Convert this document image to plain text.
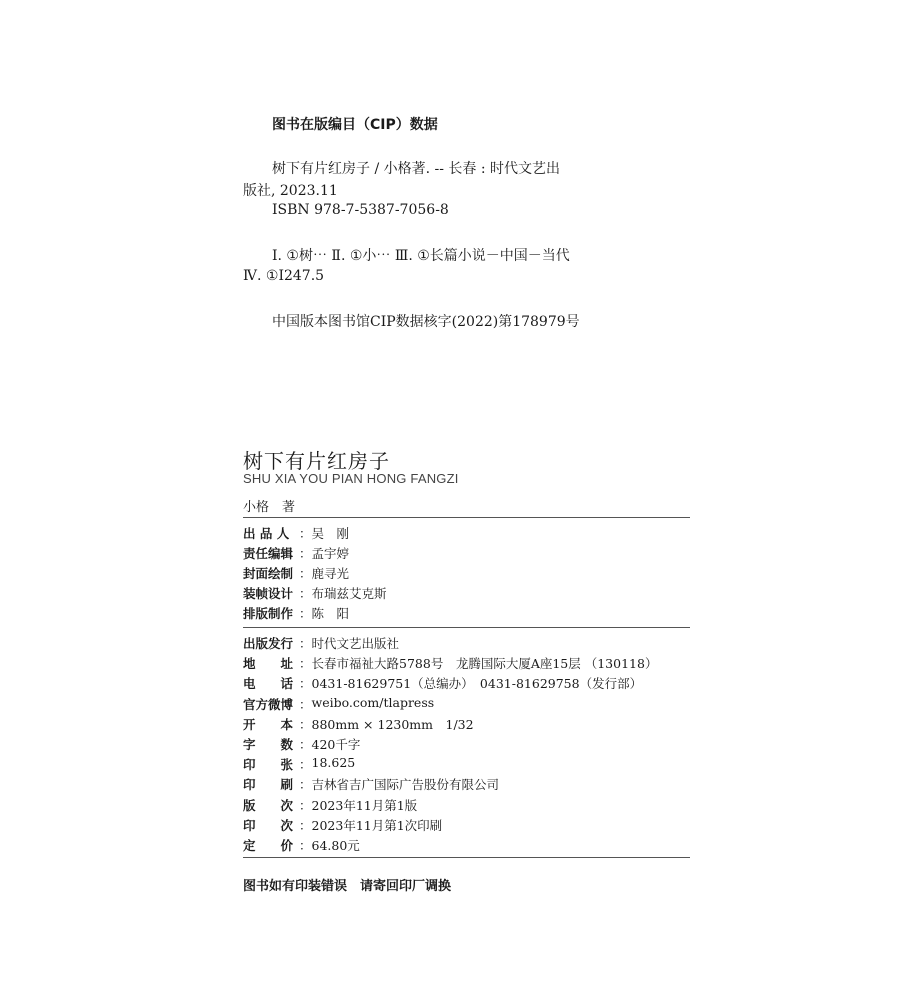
图书在版编目（CIP）数据
树下有片红房子 / 小格著. -- 长春 : 时代文艺出
版社, 2023.11
ISBN 978-7-5387-7056-8
Ⅰ. ①树⋯ Ⅱ. ①小⋯ Ⅲ. ①长篇小说－中国－当代
Ⅳ. ①I247.5
中国版本图书馆CIP数据核字(2022)第178979号
树下有片红房子
SHU XIA YOU PIAN HONG FANGZI
小格　著
出 品 人 ： 吴　刚
责任编辑 ： 孟宇婷
封面绘制 ： 鹿寻光
装帧设计 ： 布瑞兹艾克斯
排版制作 ： 陈　阳
出版发行 ： 时代文艺出版社
地　　址 ： 长春市福祉大路5788号　龙腾国际大厦A座15层 （130118）
电　　话 ： 0431-81629751（总编办）　0431-81629758（发行部）
官方微博 ： weibo.com/tlapress
开　　本 ： 880mm × 1230mm　1/32
字　　数 ： 420千字
印　　张 ： 18.625
印　　刷 ： 吉林省吉广国际广告股份有限公司
版　　次 ： 2023年11月第1版
印　　次 ： 2023年11月第1次印刷
定　　价 ： 64.80元
图书如有印装错误　请寄回印厂调换
